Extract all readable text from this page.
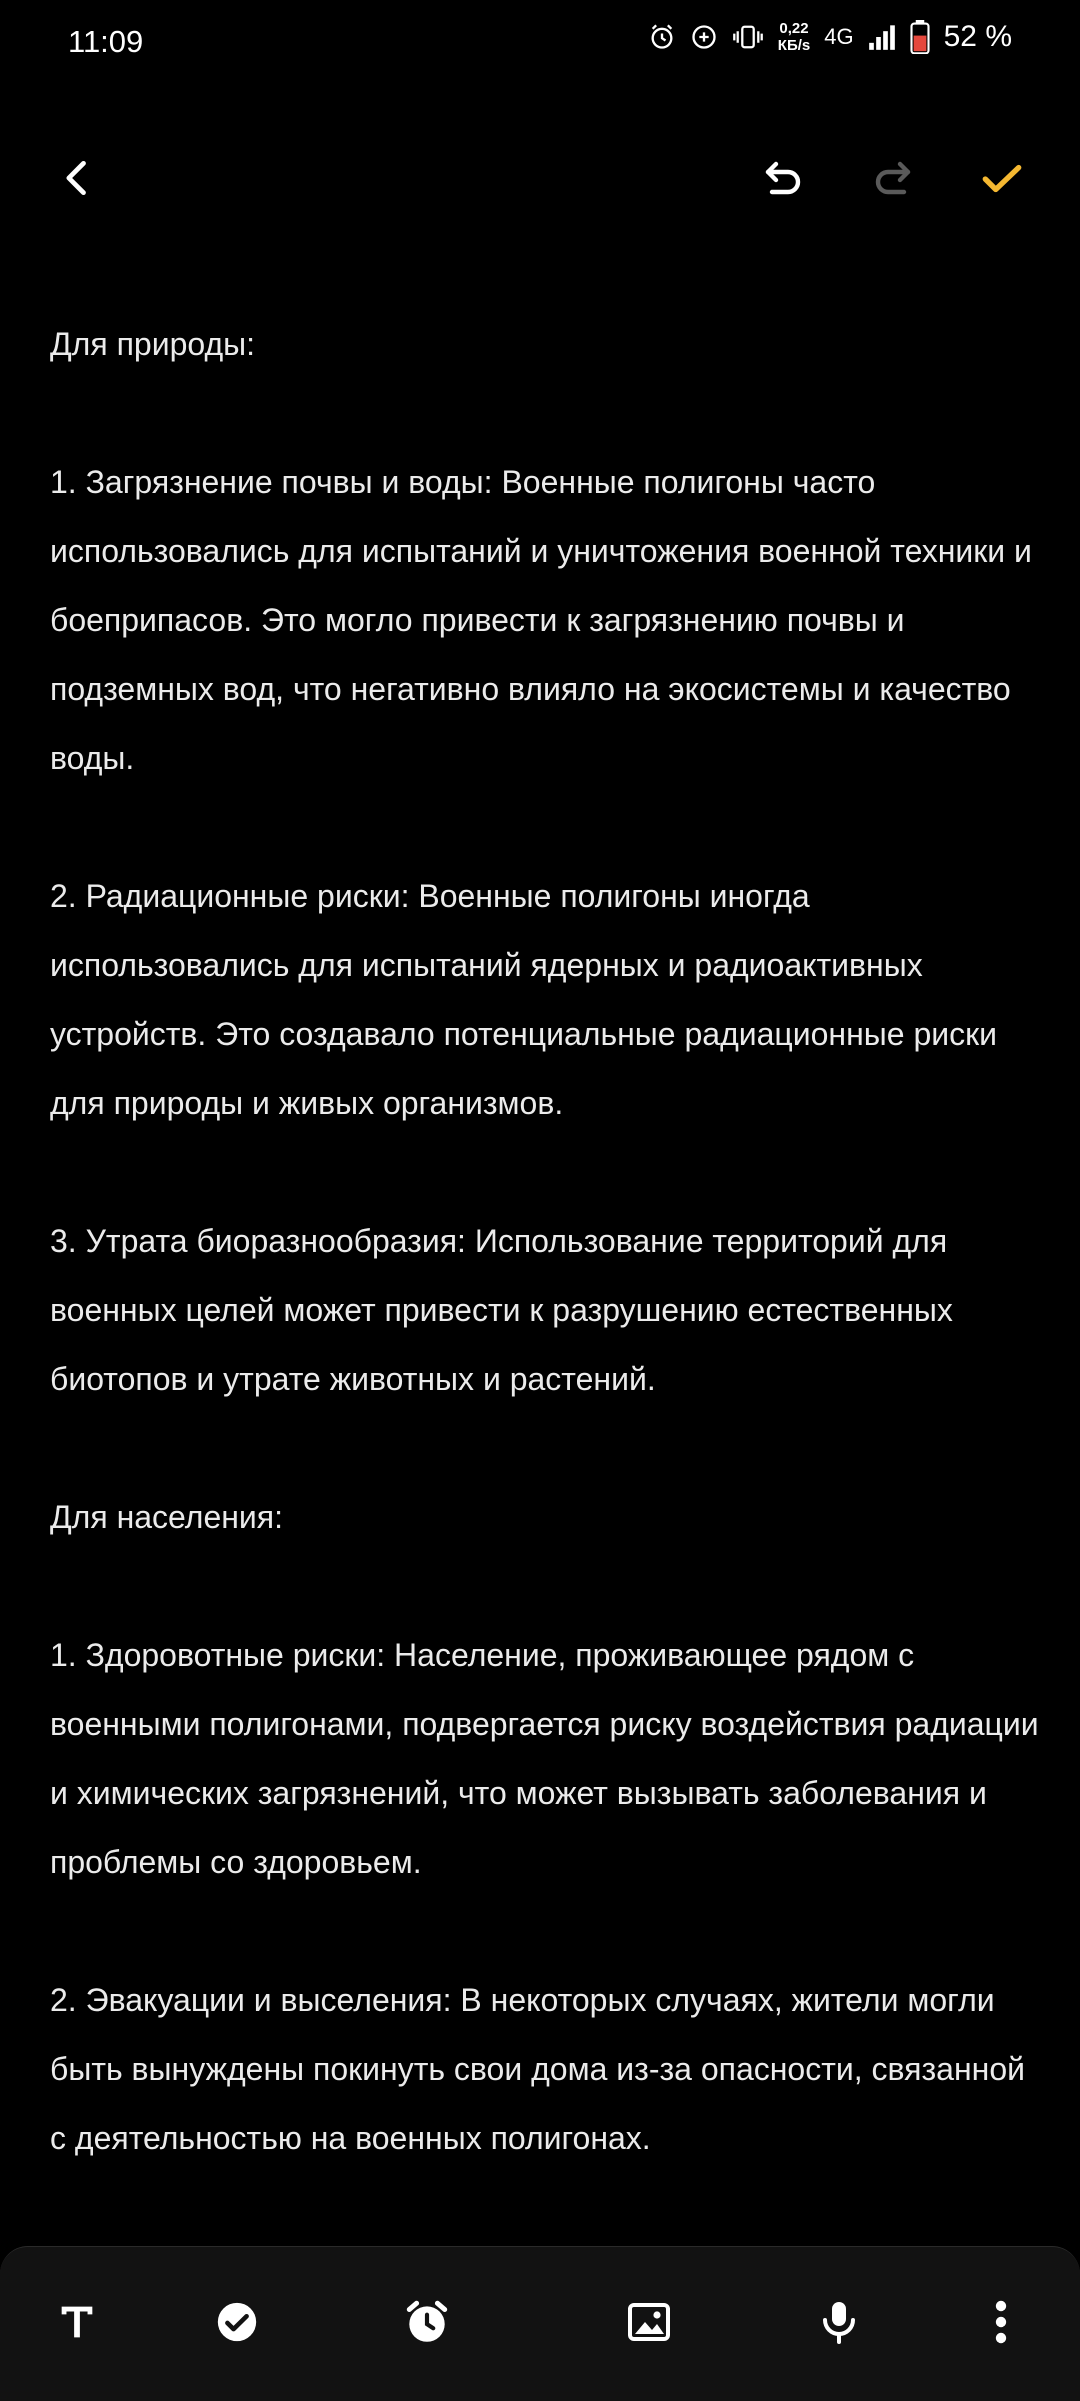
11:09	0,22
КБ/s 4G	52 %

Для природы:

1. Загрязнение почвы и воды: Военные полигоны часто использовались для испытаний и уничтожения военной техники и боеприпасов. Это могло привести к загрязнению почвы и подземных вод, что негативно влияло на экосистемы и качество воды.

2. Радиационные риски: Военные полигоны иногда использовались для испытаний ядерных и радиоактивных устройств. Это создавало потенциальные радиационные риски для природы и живых организмов.

3. Утрата биоразнообразия: Использование территорий для военных целей может привести к разрушению естественных биотопов и утрате животных и растений.

Для населения:

1. Здоровотные риски: Население, проживающее рядом с военными полигонами, подвергается риску воздействия радиации и химических загрязнений, что может вызывать заболевания и проблемы со здоровьем.

2. Эвакуации и выселения: В некоторых случаях, жители могли быть вынуждены покинуть свои дома из-за опасности, связанной с деятельностью на военных полигонах.
